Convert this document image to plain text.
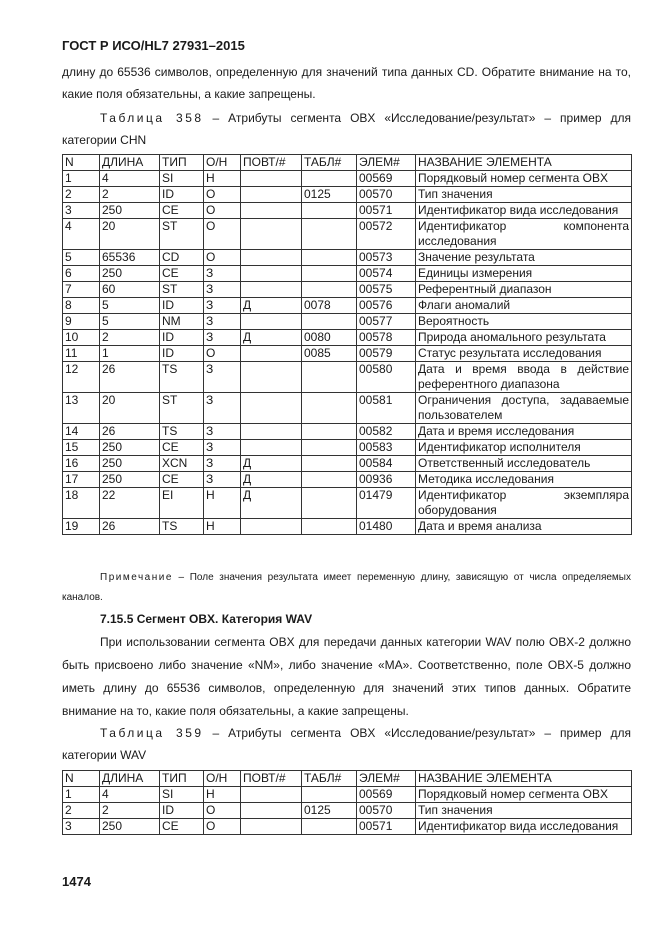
ГОСТ Р ИСО/HL7 27931–2015
длину до 65536 символов, определенную для значений типа данных CD. Обратите внимание на то, какие поля обязательны, а какие запрещены.
Таблица 358 – Атрибуты сегмента OBX «Исследование/результат» – пример для категории CHN
N	ДЛИНА	ТИП	О/Н	ПОВТ/#	ТАБЛ#	ЭЛЕМ#	НАЗВАНИЕ ЭЛЕМЕНТА
1	4	SI	Н			00569	Порядковый номер сегмента OBX
2	2	ID	О		0125	00570	Тип значения
3	250	CE	О			00571	Идентификатор вида исследования
4	20	ST	О			00572	Идентификатор компонента исследования
5	65536	CD	О			00573	Значение результата
6	250	CE	З			00574	Единицы измерения
7	60	ST	З			00575	Референтный диапазон
8	5	ID	З	Д	0078	00576	Флаги аномалий
9	5	NM	З			00577	Вероятность
10	2	ID	З	Д	0080	00578	Природа аномального результата
11	1	ID	О		0085	00579	Статус результата исследования
12	26	TS	З			00580	Дата и время ввода в действие референтного диапазона
13	20	ST	З			00581	Ограничения доступа, задаваемые пользователем
14	26	TS	З			00582	Дата и время исследования
15	250	CE	З			00583	Идентификатор исполнителя
16	250	XCN	З	Д		00584	Ответственный исследователь
17	250	CE	З	Д		00936	Методика исследования
18	22	EI	Н	Д		01479	Идентификатор экземпляра оборудования
19	26	TS	Н			01480	Дата и время анализа
Примечание – Поле значения результата имеет переменную длину, зависящую от числа определяемых каналов.
7.15.5 Сегмент OBX. Категория WAV
При использовании сегмента OBX для передачи данных категории WAV полю OBX-2 должно быть присвоено либо значение «NM», либо значение «MA». Соответственно, поле OBX-5 должно иметь длину до 65536 символов, определенную для значений этих типов данных. Обратите внимание на то, какие поля обязательны, а какие запрещены.
Таблица 359 – Атрибуты сегмента OBX «Исследование/результат» – пример для категории WAV
N	ДЛИНА	ТИП	О/Н	ПОВТ/#	ТАБЛ#	ЭЛЕМ#	НАЗВАНИЕ ЭЛЕМЕНТА
1	4	SI	Н			00569	Порядковый номер сегмента OBX
2	2	ID	О		0125	00570	Тип значения
3	250	CE	О			00571	Идентификатор вида исследования
1474
